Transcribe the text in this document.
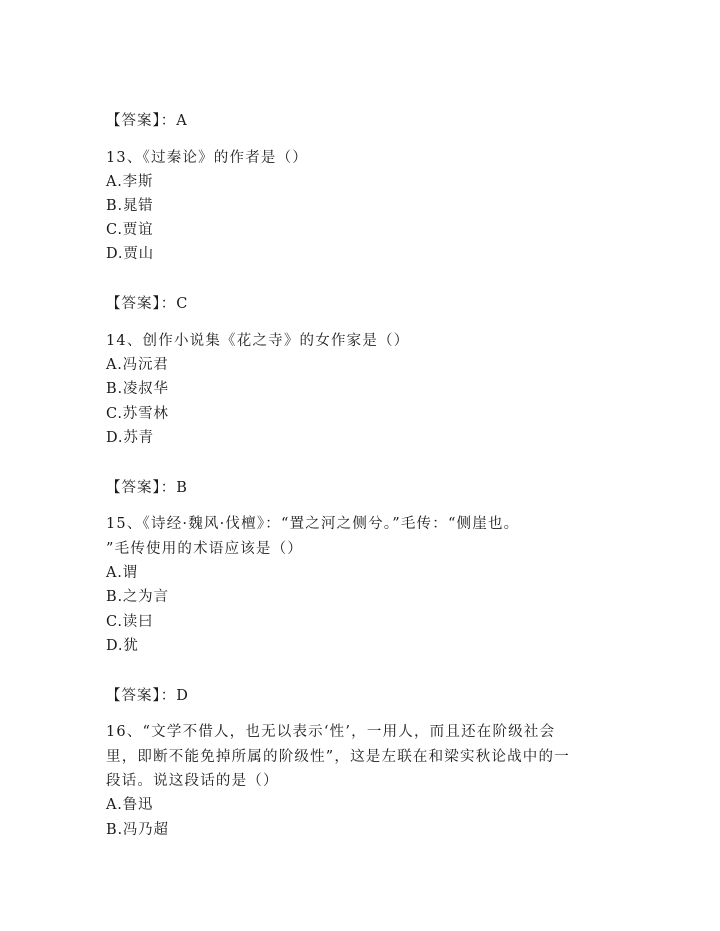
【答案】：A
13、《过秦论》的作者是（）
A.李斯
B.晁错
C.贾谊
D.贾山
【答案】：C
14、创作小说集《花之寺》的女作家是（）
A.冯沅君
B.凌叔华
C.苏雪林
D.苏青
【答案】：B
15、《诗经·魏风·伐檀》：“置之河之侧兮。”毛传：“侧崖也。
”毛传使用的术语应该是（）
A.谓
B.之为言
C.读曰
D.犹
【答案】：D
16、“文学不借人，也无以表示‘性’，一用人，而且还在阶级社会
里，即断不能免掉所属的阶级性”，这是左联在和梁实秋论战中的一
段话。说这段话的是（）
A.鲁迅
B.冯乃超
